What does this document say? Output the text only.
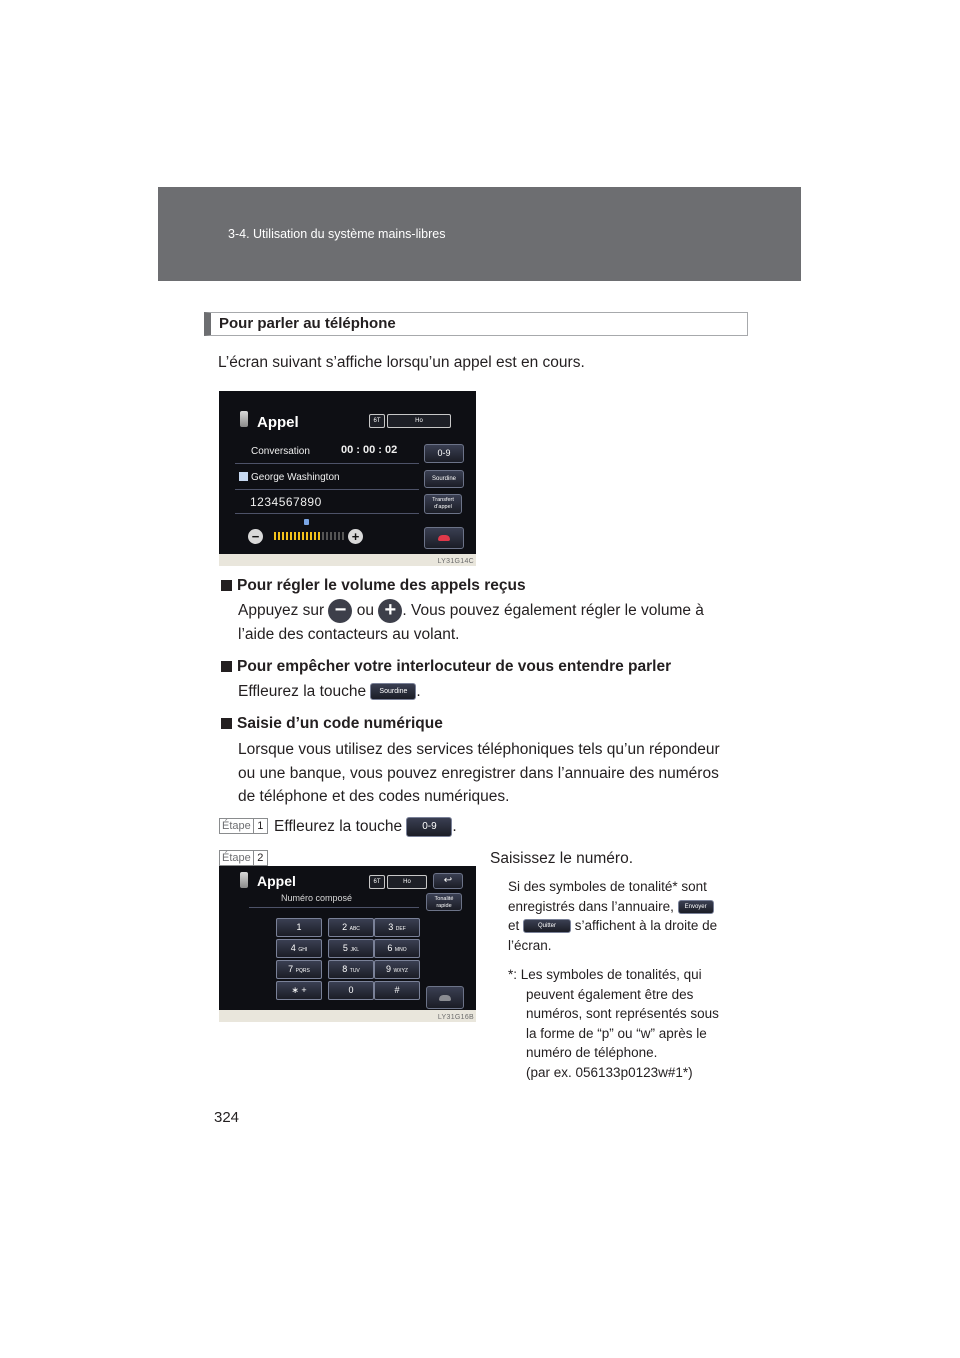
3-4. Utilisation du système mains-libres
Pour parler au téléphone
L’écran suivant s’affiche lorsqu’un appel est en cours.
Appel	6T	Ho
Conversation	00 : 00 : 02
George Washington
1234567890
0-9
Sourdine
Transfert
d’appel
−	+
LY31G14C
Pour régler le volume des appels reçus
Appuyez sur − ou + . Vous pouvez également régler le volume à
l’aide des contacteurs au volant.
Pour empêcher votre interlocuteur de vous entendre parler
Effleurez la touche Sourdine .
Saisie d’un code numérique
Lorsque vous utilisez des services téléphoniques tels qu’un répondeur
ou une banque, vous pouvez enregistrer dans l’annuaire des numéros
de téléphone et des codes numériques.
Étape 1 Effleurez la touche 0-9 .
Étape 2	Saisissez le numéro.
Appel	6T	Ho	↩
Numéro composé	Tonalité
rapide
1	2 ABC	3 DEF
4 GHI	5 JKL	6 MNO
7 PQRS	8 TUV	9 WXYZ
∗ +	0	#
LY31G16B
Si des symboles de tonalité* sont
enregistrés dans l’annuaire, Envoyer
et	Quitter s’affichent à la droite de
l’écran.
*: Les symboles de tonalités, qui
peuvent également être des
numéros, sont représentés sous
la forme de “p” ou “w” après le
numéro de téléphone.
(par ex. 056133p0123w#1*)
324
